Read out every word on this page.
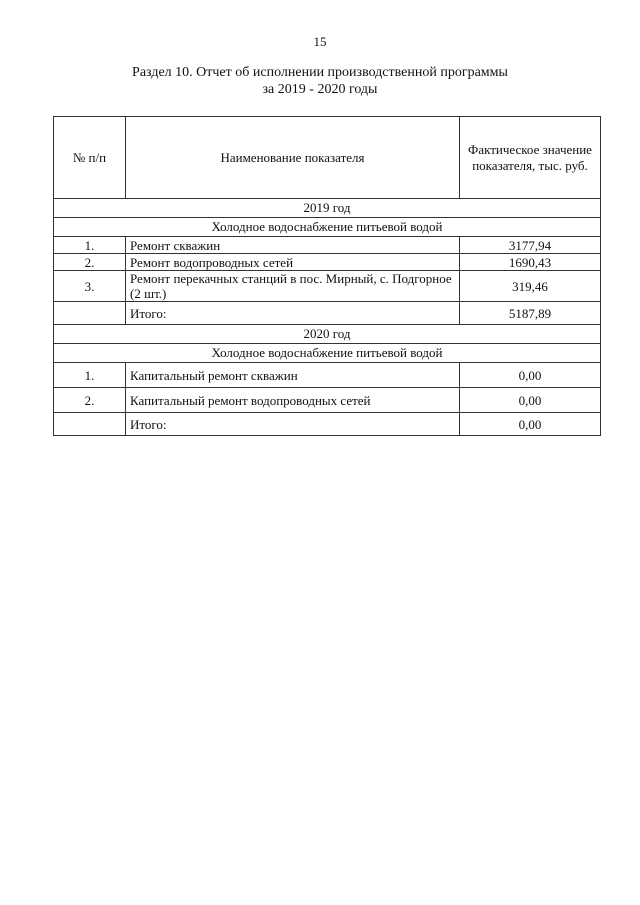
15
Раздел 10. Отчет об исполнении производственной программы
за 2019 - 2020 годы
№ п/п	Наименование показателя	Фактическое значение показателя, тыс. руб.
2019 год		
Холодное водоснабжение питьевой водой		
1.	Ремонт скважин	3177,94
2.	Ремонт водопроводных сетей	1690,43
3.	Ремонт перекачных станций в пос. Мирный, с. Подгорное (2 шт.)	319,46
	Итого:	5187,89
2020 год		
Холодное водоснабжение питьевой водой		
1.	Капитальный ремонт скважин	0,00
2.	Капитальный ремонт водопроводных сетей	0,00
	Итого:	0,00
